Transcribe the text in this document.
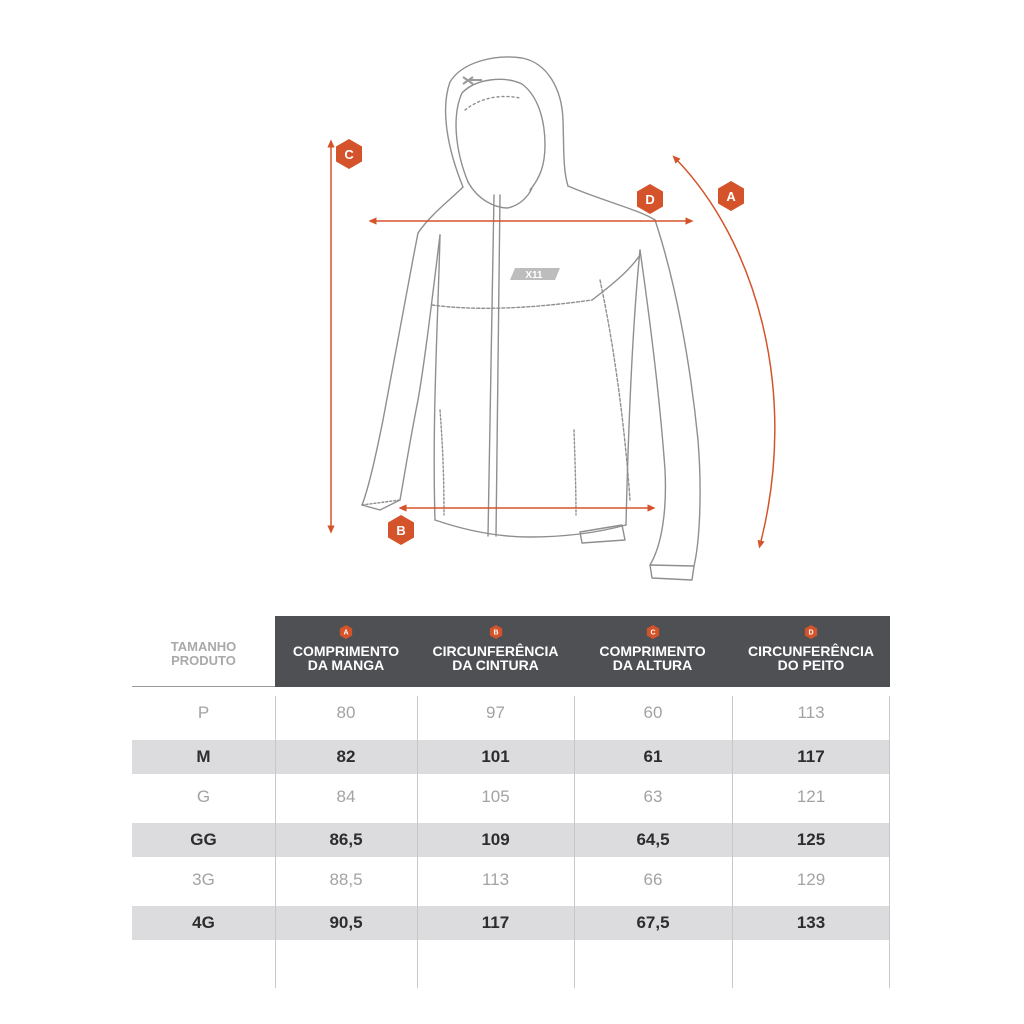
X11
C
D	A
B
TAMANHO
PRODUTO
A
COMPRIMENTO
DA MANGA
B
CIRCUNFERÊNCIA
DA CINTURA
C
COMPRIMENTO
DA ALTURA
D
CIRCUNFERÊNCIA
DO PEITO
P	80	97	60	113
M	82	101	61	117
G	84	105	63	121
GG	86,5	109	64,5	125
3G	88,5	113	66	129
4G	90,5	117	67,5	133
